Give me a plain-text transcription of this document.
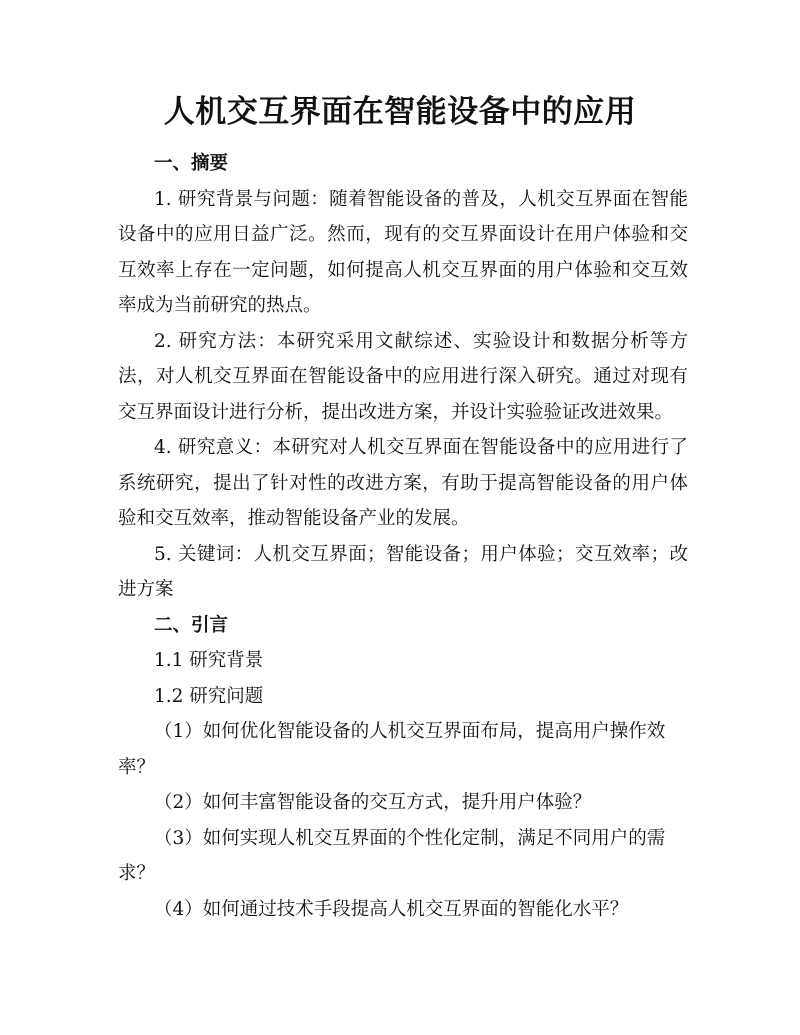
人机交互界面在智能设备中的应用
一、摘要
1. 研究背景与问题：随着智能设备的普及，人机交互界面在智能设备中的应用日益广泛。然而，现有的交互界面设计在用户体验和交互效率上存在一定问题，如何提高人机交互界面的用户体验和交互效率成为当前研究的热点。
2. 研究方法：本研究采用文献综述、实验设计和数据分析等方法，对人机交互界面在智能设备中的应用进行深入研究。通过对现有交互界面设计进行分析，提出改进方案，并设计实验验证改进效果。
4. 研究意义：本研究对人机交互界面在智能设备中的应用进行了系统研究，提出了针对性的改进方案，有助于提高智能设备的用户体验和交互效率，推动智能设备产业的发展。
5. 关键词：人机交互界面；智能设备；用户体验；交互效率；改进方案
二、引言
1.1 研究背景
1.2 研究问题
（1）如何优化智能设备的人机交互界面布局，提高用户操作效率？
（2）如何丰富智能设备的交互方式，提升用户体验？
（3）如何实现人机交互界面的个性化定制，满足不同用户的需求？
（4）如何通过技术手段提高人机交互界面的智能化水平？
